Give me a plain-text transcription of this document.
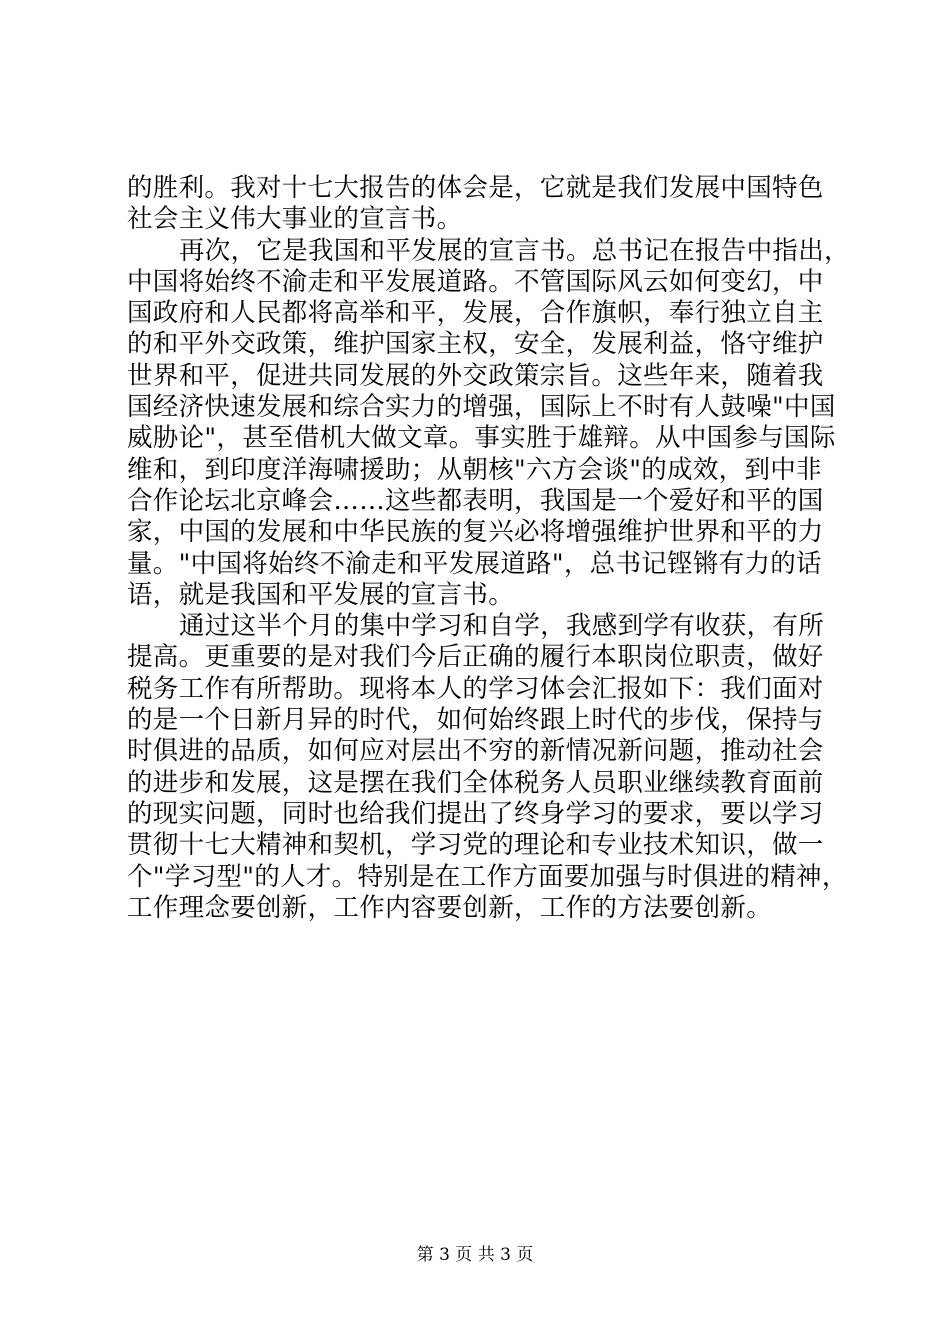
的胜利。我对十七大报告的体会是，它就是我们发展中国特色
社会主义伟大事业的宣言书。
再次，它是我国和平发展的宣言书。总书记在报告中指出，
中国将始终不渝走和平发展道路。不管国际风云如何变幻，中
国政府和人民都将高举和平，发展，合作旗帜，奉行独立自主
的和平外交政策，维护国家主权，安全，发展利益，恪守维护
世界和平，促进共同发展的外交政策宗旨。这些年来，随着我
国经济快速发展和综合实力的增强，国际上不时有人鼓噪"中国
威胁论"，甚至借机大做文章。事实胜于雄辩。从中国参与国际
维和，到印度洋海啸援助；从朝核"六方会谈"的成效，到中非
合作论坛北京峰会……这些都表明，我国是一个爱好和平的国
家，中国的发展和中华民族的复兴必将增强维护世界和平的力
量。"中国将始终不渝走和平发展道路"，总书记铿锵有力的话
语，就是我国和平发展的宣言书。
通过这半个月的集中学习和自学，我感到学有收获，有所
提高。更重要的是对我们今后正确的履行本职岗位职责，做好
税务工作有所帮助。现将本人的学习体会汇报如下：我们面对
的是一个日新月异的时代，如何始终跟上时代的步伐，保持与
时俱进的品质，如何应对层出不穷的新情况新问题，推动社会
的进步和发展，这是摆在我们全体税务人员职业继续教育面前
的现实问题，同时也给我们提出了终身学习的要求，要以学习
贯彻十七大精神和契机，学习党的理论和专业技术知识，做一
个"学习型"的人才。特别是在工作方面要加强与时俱进的精神，
工作理念要创新，工作内容要创新，工作的方法要创新。
第 3 页 共 3 页
